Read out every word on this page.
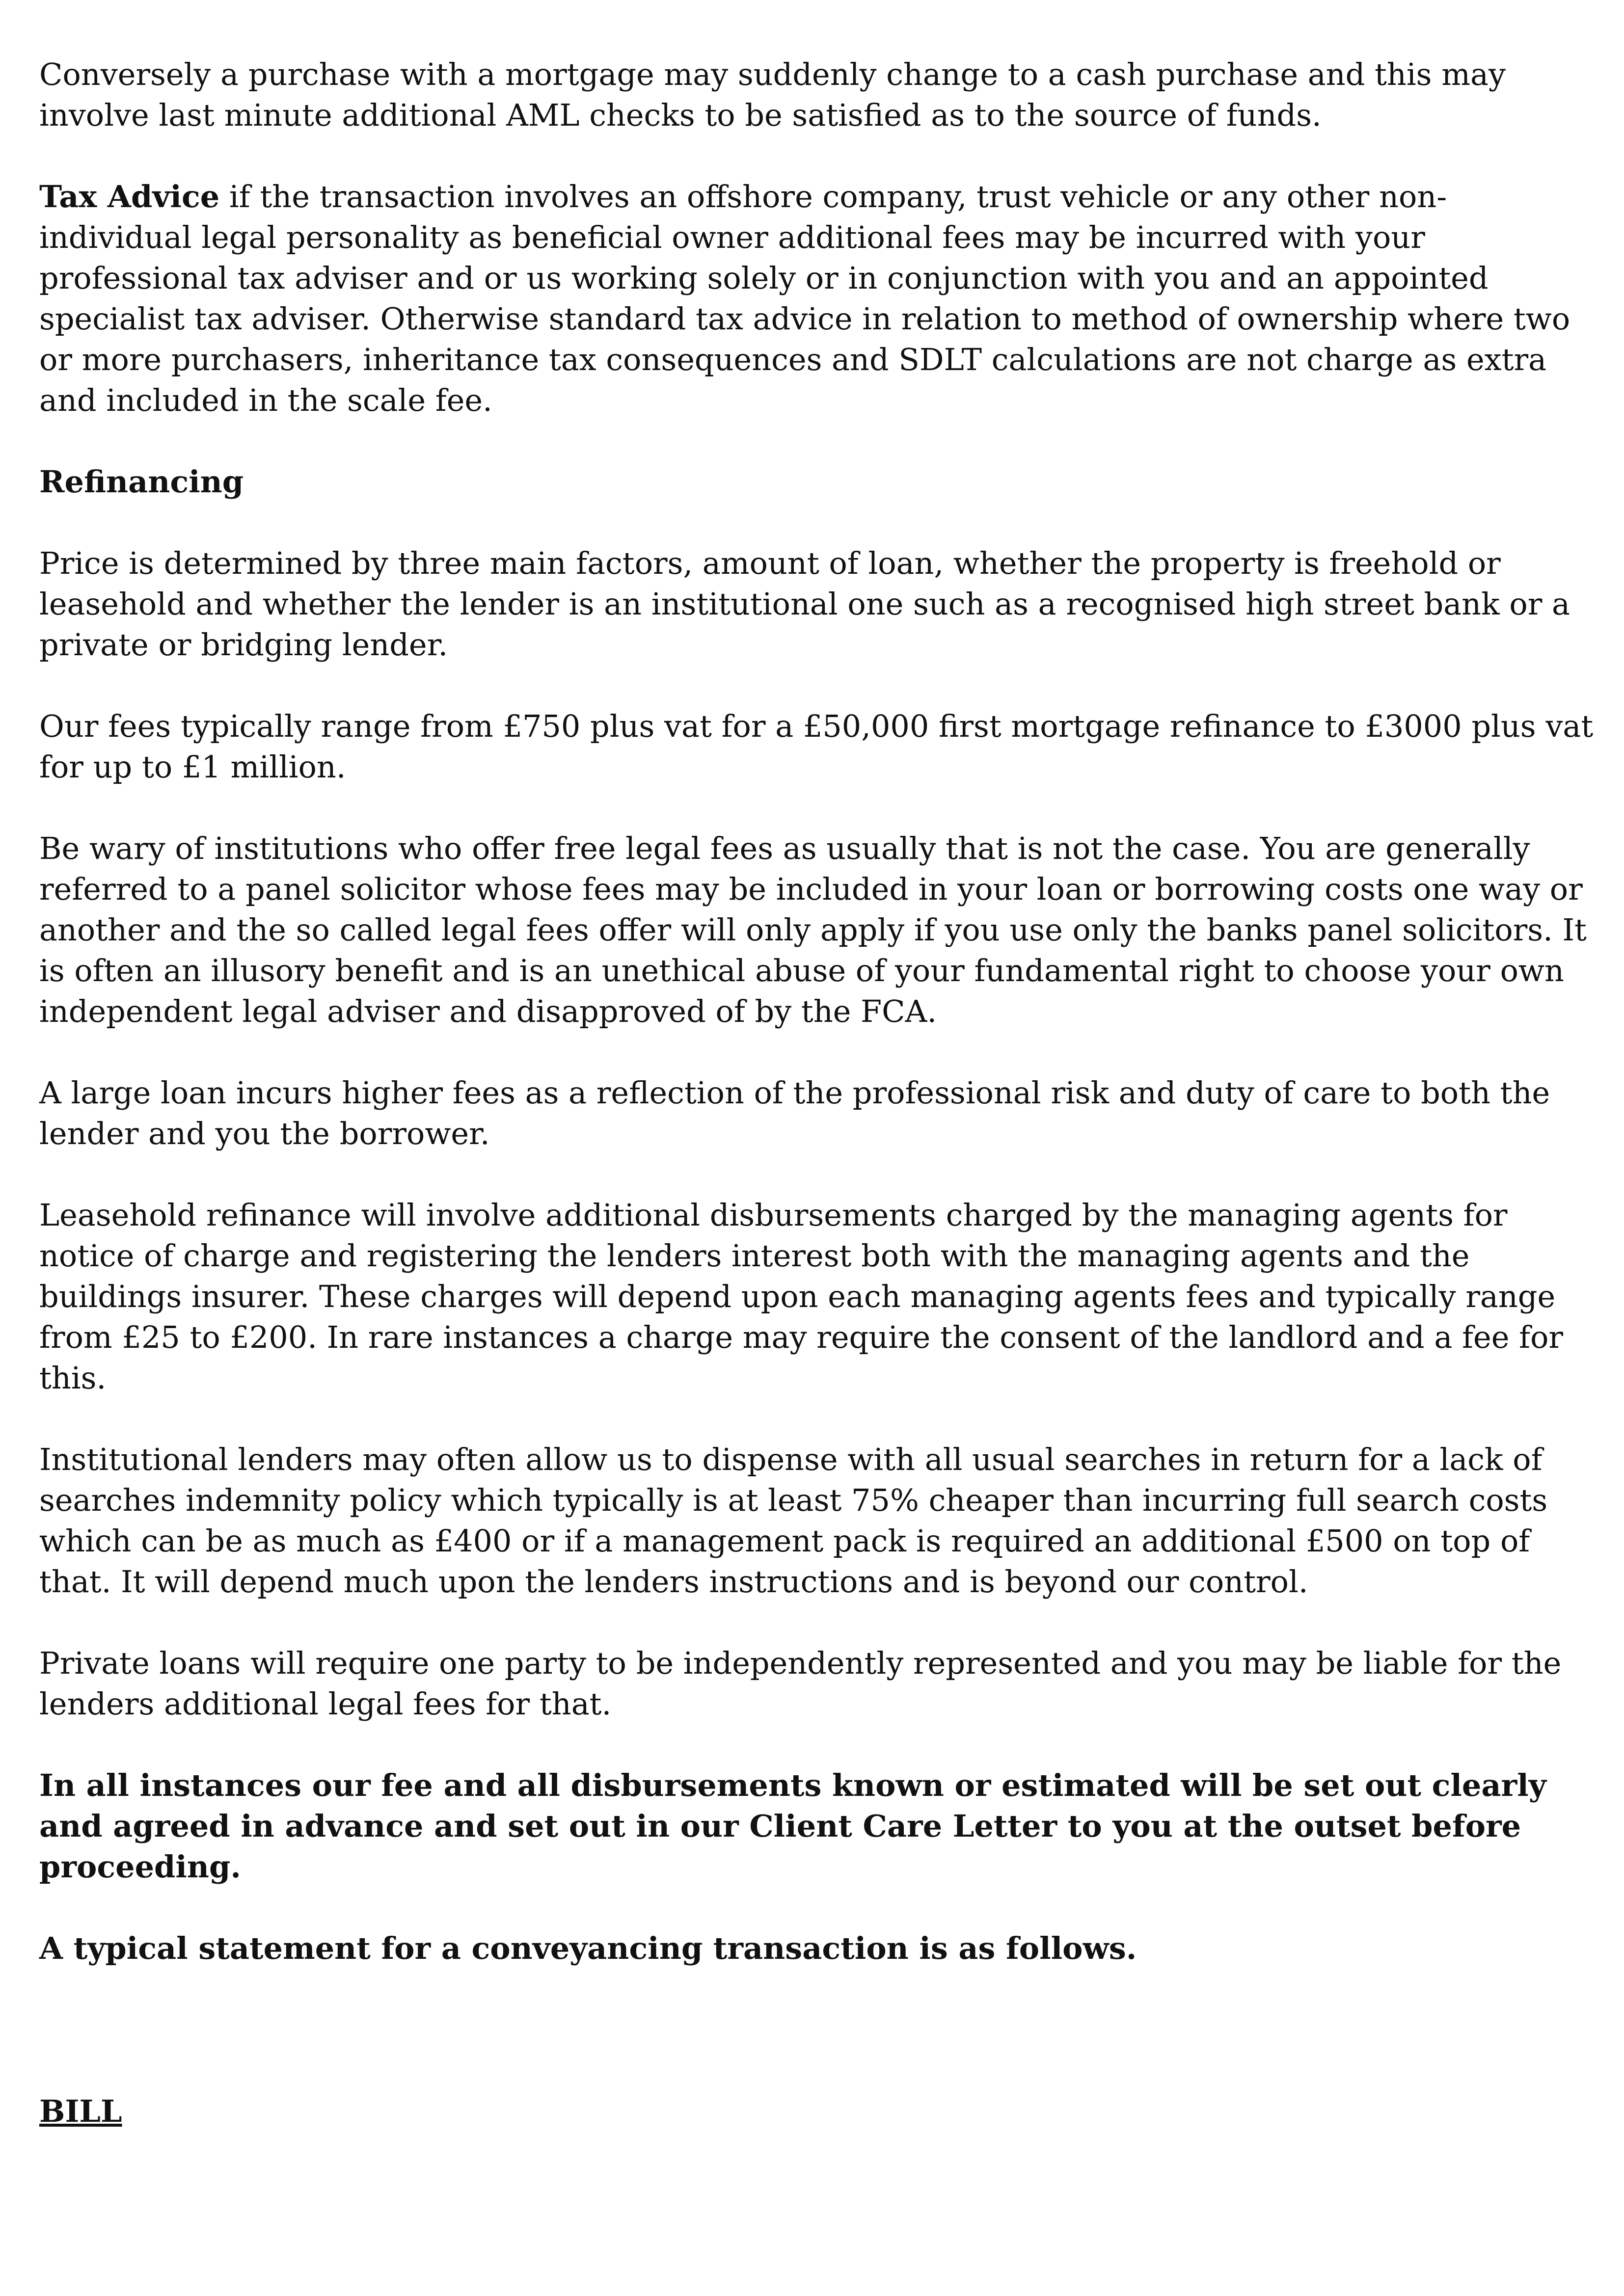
Conversely a purchase with a mortgage may suddenly change to a cash purchase and this may involve last minute additional AML checks to be satisfied as to the source of funds.

Tax Advice if the transaction involves an offshore company, trust vehicle or any other non-individual legal personality as beneficial owner additional fees may be incurred with your professional tax adviser and or us working solely or in conjunction with you and an appointed specialist tax adviser. Otherwise standard tax advice in relation to method of ownership where two or more purchasers, inheritance tax consequences and SDLT calculations are not charge as extra and included in the scale fee.

Refinancing

Price is determined by three main factors, amount of loan, whether the property is freehold or leasehold and whether the lender is an institutional one such as a recognised high street bank or a private or bridging lender.

Our fees typically range from £750 plus vat for a £50,000 first mortgage refinance to £3000 plus vat for up to £1 million.

Be wary of institutions who offer free legal fees as usually that is not the case. You are generally referred to a panel solicitor whose fees may be included in your loan or borrowing costs one way or another and the so called legal fees offer will only apply if you use only the banks panel solicitors. It is often an illusory benefit and is an unethical abuse of your fundamental right to choose your own independent legal adviser and disapproved of by the FCA.

A large loan incurs higher fees as a reflection of the professional risk and duty of care to both the lender and you the borrower.

Leasehold refinance will involve additional disbursements charged by the managing agents for notice of charge and registering the lenders interest both with the managing agents and the buildings insurer. These charges will depend upon each managing agents fees and typically range from £25 to £200. In rare instances a charge may require the consent of the landlord and a fee for this.

Institutional lenders may often allow us to dispense with all usual searches in return for a lack of searches indemnity policy which typically is at least 75% cheaper than incurring full search costs which can be as much as £400 or if a management pack is required an additional £500 on top of that. It will depend much upon the lenders instructions and is beyond our control.

Private loans will require one party to be independently represented and you may be liable for the lenders additional legal fees for that.

In all instances our fee and all disbursements known or estimated will be set out clearly and agreed in advance and set out in our Client Care Letter to you at the outset before proceeding.

A typical statement for a conveyancing transaction is as follows.

BILL
